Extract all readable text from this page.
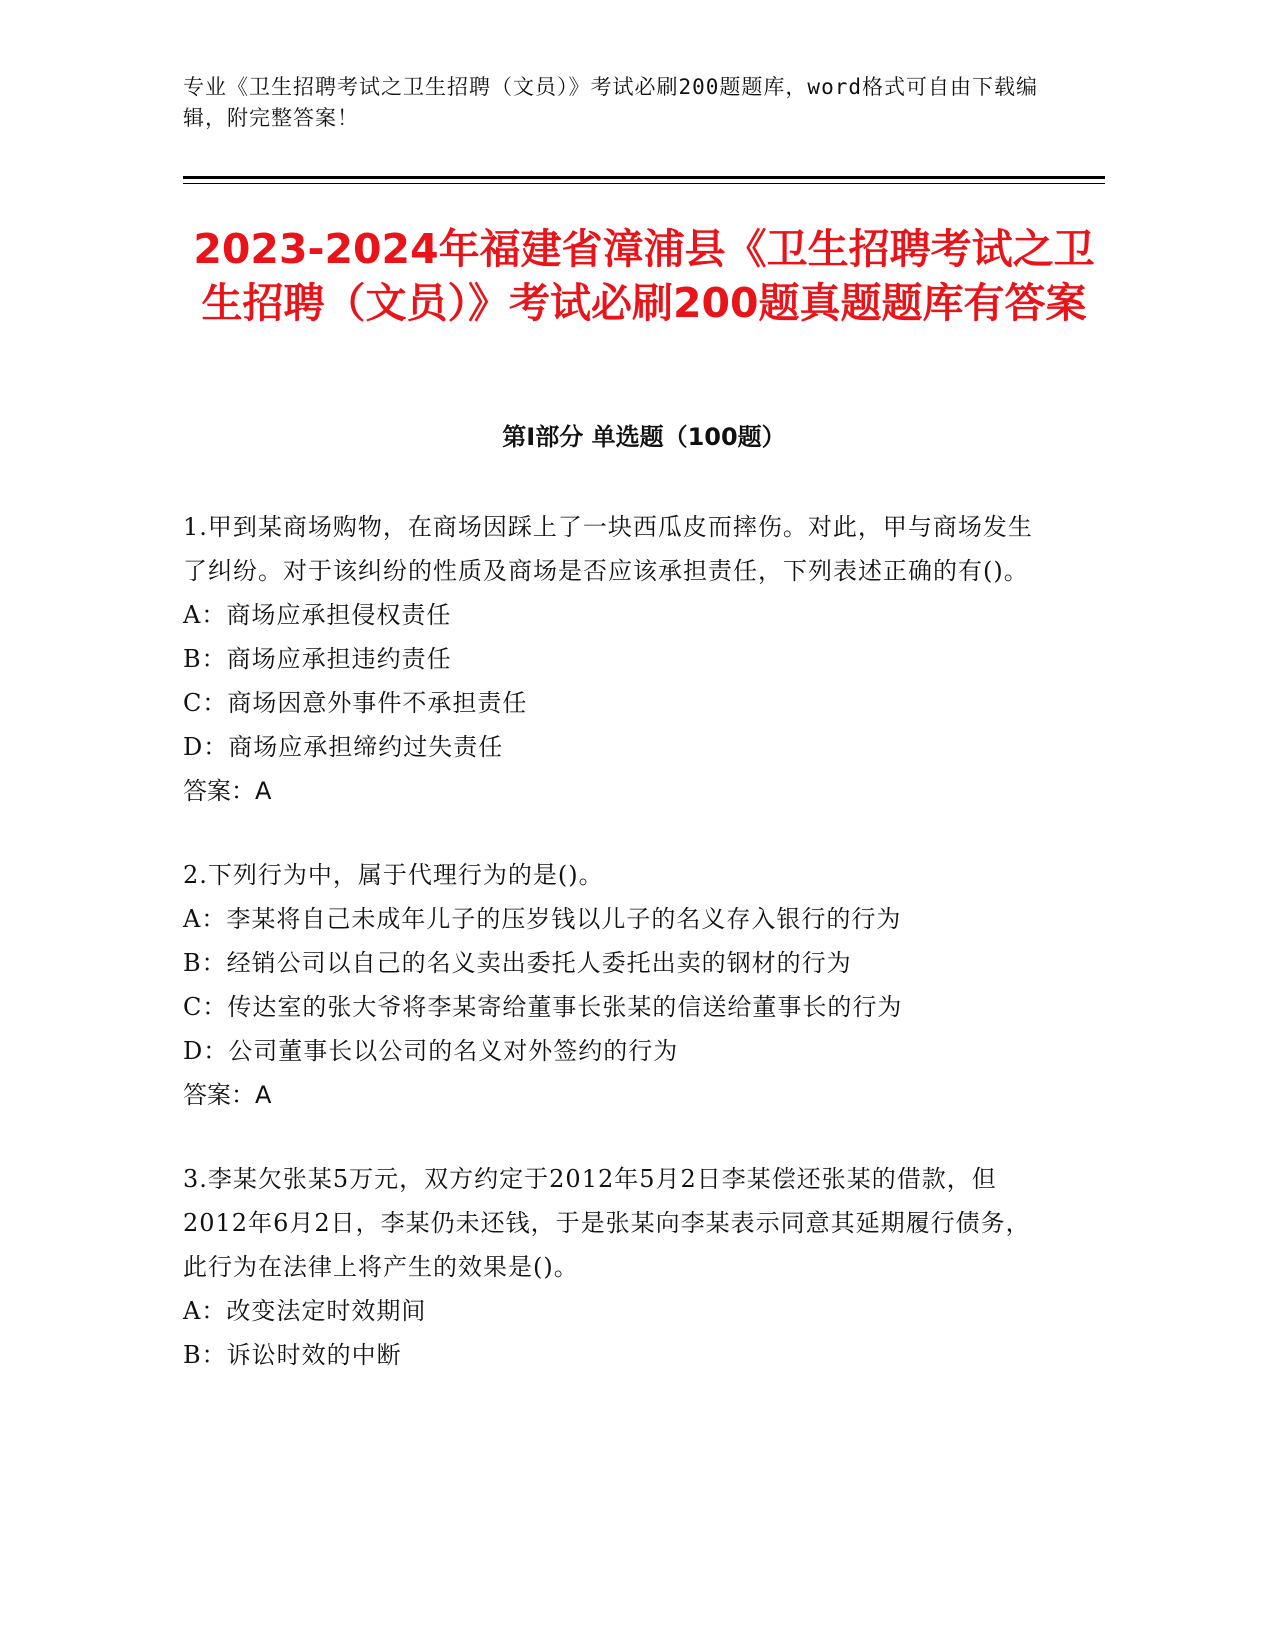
专业《卫生招聘考试之卫生招聘（文员）》考试必刷200题题库，word格式可自由下载编辑，附完整答案！
2023-2024年福建省漳浦县《卫生招聘考试之卫生招聘（文员）》考试必刷200题真题题库有答案
第I部分 单选题（100题）
1.甲到某商场购物，在商场因踩上了一块西瓜皮而摔伤。对此，甲与商场发生了纠纷。对于该纠纷的性质及商场是否应该承担责任，下列表述正确的有()。
A：商场应承担侵权责任
B：商场应承担违约责任
C：商场因意外事件不承担责任
D：商场应承担缔约过失责任
答案：A
2.下列行为中，属于代理行为的是()。
A：李某将自己未成年儿子的压岁钱以儿子的名义存入银行的行为
B：经销公司以自己的名义卖出委托人委托出卖的钢材的行为
C：传达室的张大爷将李某寄给董事长张某的信送给董事长的行为
D：公司董事长以公司的名义对外签约的行为
答案：A
3.李某欠张某5万元，双方约定于2012年5月2日李某偿还张某的借款，但2012年6月2日，李某仍未还钱，于是张某向李某表示同意其延期履行债务，此行为在法律上将产生的效果是()。
A：改变法定时效期间
B：诉讼时效的中断
